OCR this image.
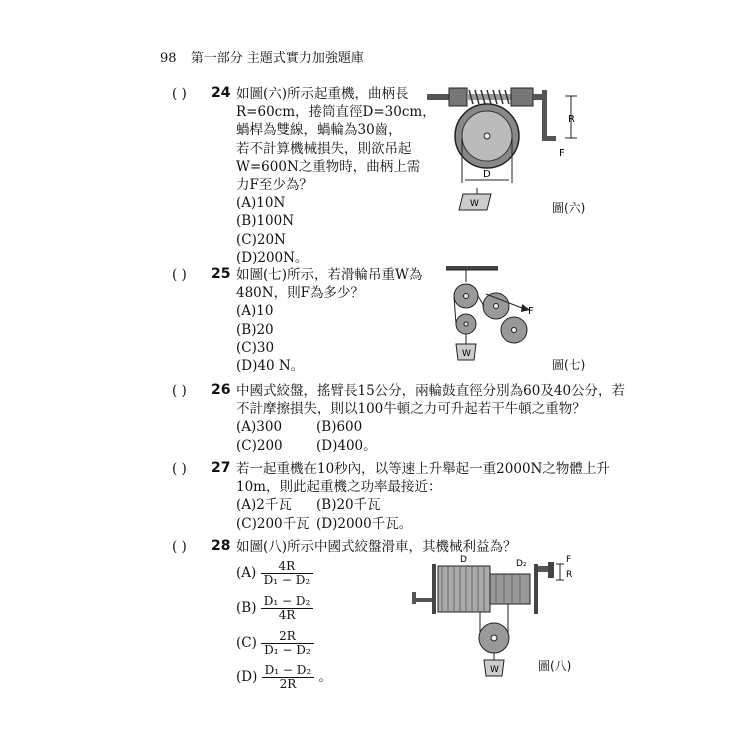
98 第一部分 主題式實力加強題庫
( ) 24 如圖(六)所示起重機，曲柄長
R=60cm，捲筒直徑D=30cm，
蝸桿為雙線，蝸輪為30齒，
若不計算機械損失，則欲吊起
W=600N之重物時，曲柄上需
力F至少為？
(A)10N
(B)100N
(C)20N
(D)200N。
R
F
D
W	圖(六)
( ) 25 如圖(七)所示，若滑輪吊重W為
480N，則F為多少？
(A)10
(B)20
(C)30
(D)40 N。
F
W
圖(七)
( ) 26 中國式絞盤，搖臂長15公分，兩輪鼓直徑分別為60及40公分，若
不計摩擦損失，則以100牛頓之力可升起若干牛頓之重物？
(A)300	(B)600
(C)200 (D)400。
( ) 27 若一起重機在10秒內，以等速上升舉起一重2000N之物體上升
10m，則此起重機之功率最接近：
(A)2千瓦 (B)20千瓦
(C)200千瓦 (D)2000千瓦。
( ) 28 如圖(八)所示中國式絞盤滑車，其機械利益為？
$(A) \frac{4R}{\text{D₁ − D₂}}$
$(B) \frac{\text{D₁ − D₂}}{4R}$
$(C) \frac{2R}{\text{D₁ − D₂}}$
$(D) \frac{\text{D₁ − D₂}}{2R}$ 。
D	D₂	F
R
W	圖(八)
